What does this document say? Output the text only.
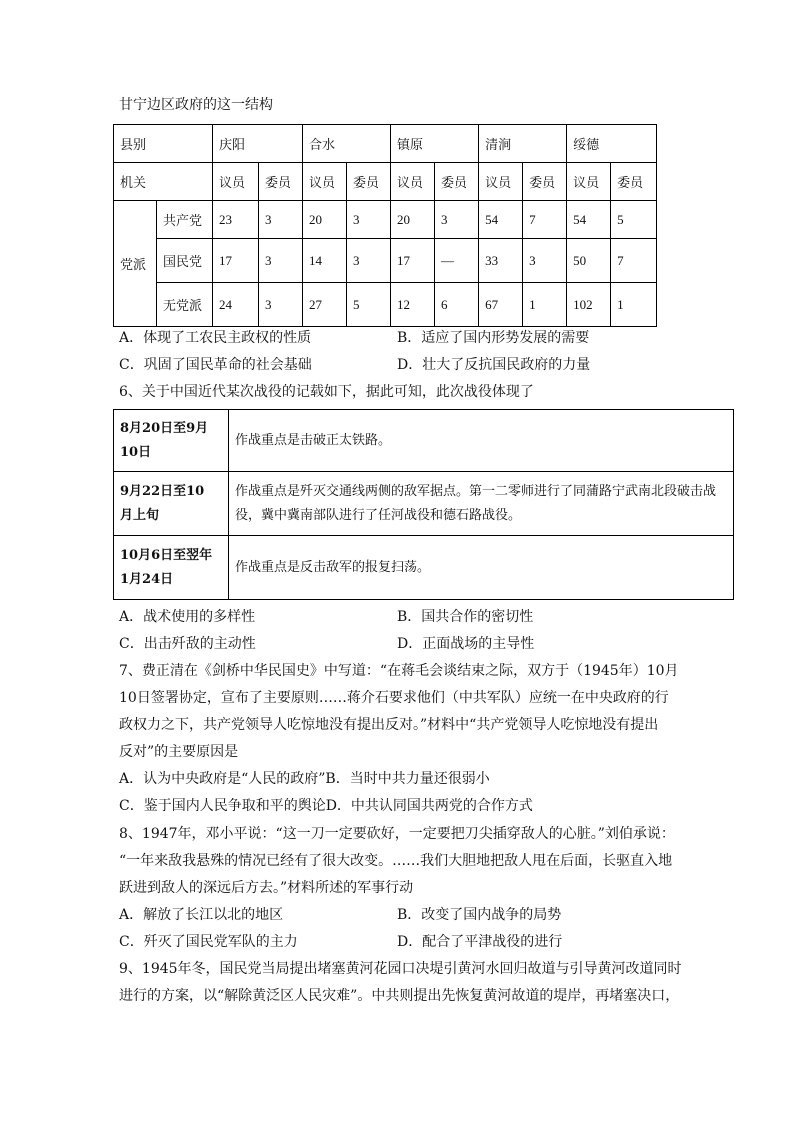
甘宁边区政府的这一结构
县别		庆阳		合水		镇原		清涧		绥德	
机关		议员	委员	议员	委员	议员	委员	议员	委员	议员	委员
党派	共产党	23	3	20	3	20	3	54	7	54	5
	国民党	17	3	14	3	17	—	33	3	50	7
	无党派	24	3	27	5	12	6	67	1	102	1
A．体现了工农民主政权的性质	B．适应了国内形势发展的需要
C．巩固了国民革命的社会基础	D．壮大了反抗国民政府的力量
6、关于中国近代某次战役的记载如下，据此可知，此次战役体现了
8月20日至9月
10日	作战重点是击破正太铁路。

9月22日至10
月上旬	作战重点是歼灭交通线两侧的敌军据点。第一二零师进行了同蒲路宁武南北段破击战役，冀中冀南部队进行了任河战役和德石路战役。

10月6日至翌年
1月24日	作战重点是反击敌军的报复扫荡。
A．战术使用的多样性	B．国共合作的密切性
C．出击歼敌的主动性	D．正面战场的主导性
7、费正清在《剑桥中华民国史》中写道：“在蒋毛会谈结束之际，双方于（1945年）10月
10日签署协定，宣布了主要原则……蒋介石要求他们（中共军队）应统一在中央政府的行
政权力之下，共产党领导人吃惊地没有提出反对。”材料中“共产党领导人吃惊地没有提出
反对”的主要原因是
A．认为中央政府是“人民的政府”B．当时中共力量还很弱小
C．鉴于国内人民争取和平的舆论D．中共认同国共两党的合作方式
8、1947年，邓小平说：“这一刀一定要砍好，一定要把刀尖插穿敌人的心脏。”刘伯承说：
“一年来敌我悬殊的情况已经有了很大改变。……我们大胆地把敌人甩在后面，长驱直入地
跃进到敌人的深远后方去。”材料所述的军事行动
A．解放了长江以北的地区	B．改变了国内战争的局势
C．歼灭了国民党军队的主力	D．配合了平津战役的进行
9、1945年冬，国民党当局提出堵塞黄河花园口决堤引黄河水回归故道与引导黄河改道同时
进行的方案，以“解除黄泛区人民灾难”。中共则提出先恢复黄河故道的堤岸，再堵塞决口，
